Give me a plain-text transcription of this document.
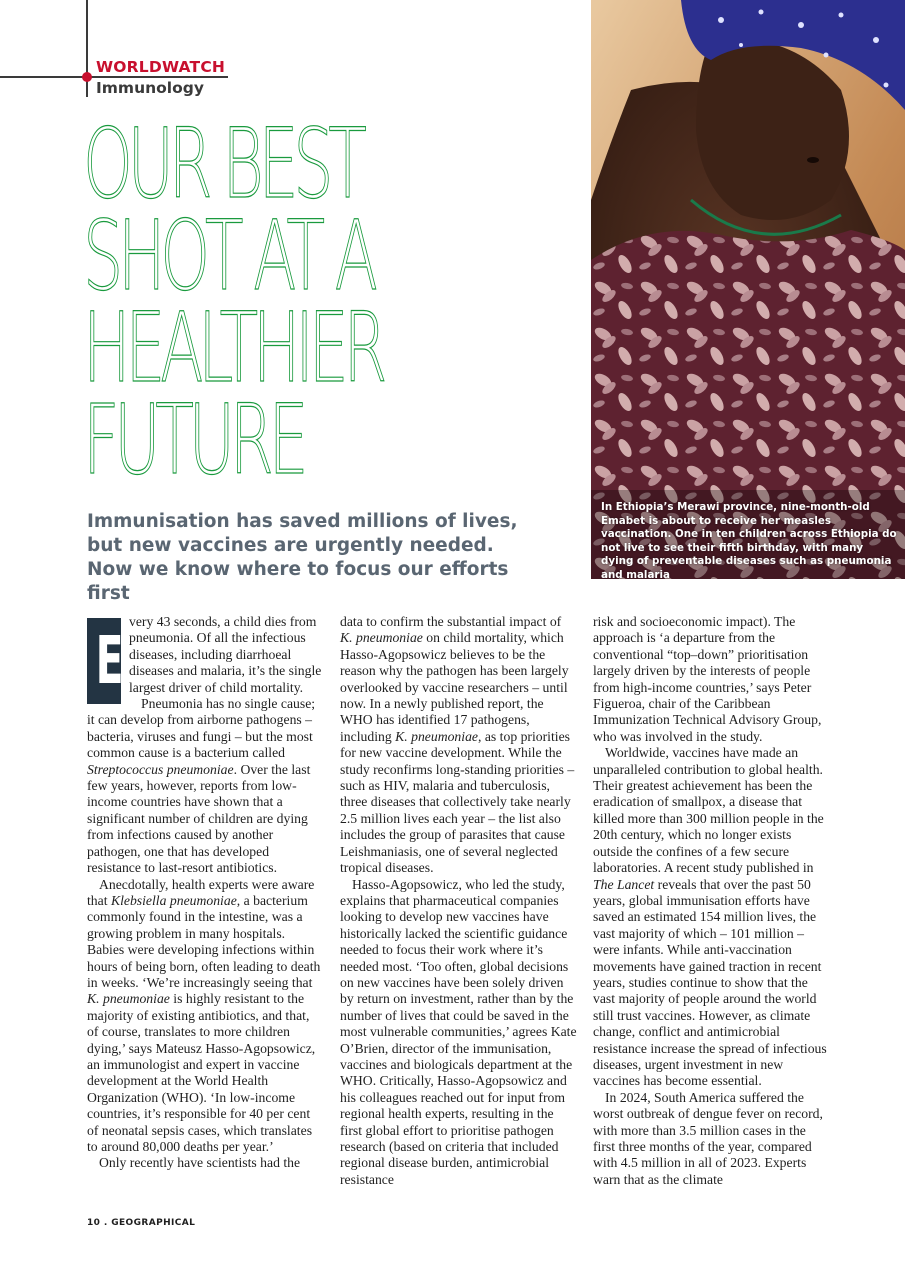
WORLDWATCH
Immunology
OUR BEST
SHOT AT A
HEALTHIER
FUTURE

Immunisation has saved millions of lives, but new vaccines are urgently needed. Now we know where to focus our efforts first

In Ethiopia’s Merawi province, nine-month-old Emabet is about to receive her measles vaccination. One in ten children across Ethiopia do not live to see their fifth birthday, with many dying of preventable diseases such as pneumonia and malaria
E

very 43 seconds, a child dies from pneumonia. Of all the infectious diseases, including diarrhoeal diseases and malaria, it’s the single largest driver of child mortality.

Pneumonia has no single cause; it can develop from airborne pathogens – bacteria, viruses and fungi – but the most common cause is a bacterium called Streptococcus pneumoniae. Over the last few years, however, reports from low-income countries have shown that a significant number of children are dying from infections caused by another pathogen, one that has developed resistance to last-resort antibiotics.

Anecdotally, health experts were aware that Klebsiella pneumoniae, a bacterium commonly found in the intestine, was a growing problem in many hospitals. Babies were developing infections within hours of being born, often leading to death in weeks. ‘We’re increasingly seeing that K. pneumoniae is highly resistant to the majority of existing antibiotics, and that, of course, translates to more children dying,’ says Mateusz Hasso-Agopsowicz, an immunologist and expert in vaccine development at the World Health Organization (WHO). ‘In low-income countries, it’s responsible for 40 per cent of neonatal sepsis cases, which translates to around 80,000 deaths per year.’

Only recently have scientists had the

data to confirm the substantial impact of K. pneumoniae on child mortality, which Hasso-Agopsowicz believes to be the reason why the pathogen has been largely overlooked by vaccine researchers – until now. In a newly published report, the WHO has identified 17 pathogens, including K. pneumoniae, as top priorities for new vaccine development. While the study reconfirms long-standing priorities – such as HIV, malaria and tuberculosis, three diseases that collectively take nearly 2.5 million lives each year – the list also includes the group of parasites that cause Leishmaniasis, one of several neglected tropical diseases.

Hasso-Agopsowicz, who led the study, explains that pharmaceutical companies looking to develop new vaccines have historically lacked the scientific guidance needed to focus their work where it’s needed most. ‘Too often, global decisions on new vaccines have been solely driven by return on investment, rather than by the number of lives that could be saved in the most vulnerable communities,’ agrees Kate O’Brien, director of the immunisation, vaccines and biologicals department at the WHO. Critically, Hasso-Agopsowicz and his colleagues reached out for input from regional health experts, resulting in the first global effort to prioritise pathogen research (based on criteria that included regional disease burden, antimicrobial resistance

risk and socioeconomic impact). The approach is ‘a departure from the conventional “top–down” prioritisation largely driven by the interests of people from high-income countries,’ says Peter Figueroa, chair of the Caribbean Immunization Technical Advisory Group, who was involved in the study.

Worldwide, vaccines have made an unparalleled contribution to global health. Their greatest achievement has been the eradication of smallpox, a disease that killed more than 300 million people in the 20th century, which no longer exists outside the confines of a few secure laboratories. A recent study published in The Lancet reveals that over the past 50 years, global immunisation efforts have saved an estimated 154 million lives, the vast majority of which – 101 million – were infants. While anti-vaccination movements have gained traction in recent years, studies continue to show that the vast majority of people around the world still trust vaccines. However, as climate change, conflict and antimicrobial resistance increase the spread of infectious diseases, urgent investment in new vaccines has become essential.

In 2024, South America suffered the worst outbreak of dengue fever on record, with more than 3.5 million cases in the first three months of the year, compared with 4.5 million in all of 2023. Experts warn that as the climate

10 . GEOGRAPHICAL
